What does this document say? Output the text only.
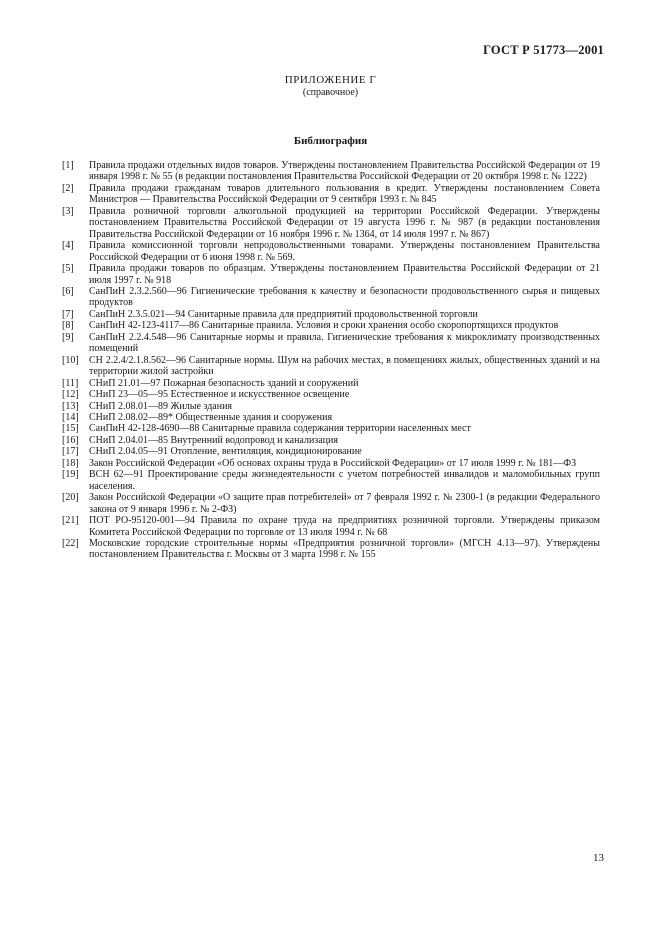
ГОСТ Р 51773—2001
ПРИЛОЖЕНИЕ Г
(справочное)
Библиография
[1]	Правила продажи отдельных видов товаров. Утверждены постановлением Правительства Российской Федерации от 19 января 1998 г. № 55 (в редакции постановления Правительства Российской Федерации от 20 октября 1998 г. № 1222)
[2]	Правила продажи гражданам товаров длительного пользования в кредит. Утверждены постановлением Совета Министров — Правительства Российской Федерации от 9 сентября 1993 г. № 845
[3]	Правила розничной торговли алкогольной продукцией на территории Российской Федерации. Утверждены постановлением Правительства Российской Федерации от 19 августа 1996 г. № 987 (в редакции постановления Правительства Российской Федерации от 16 ноября 1996 г. № 1364, от 14 июля 1997 г. № 867)
[4]	Правила комиссионной торговли непродовольственными товарами. Утверждены постановлением Правительства Российской Федерации от 6 июня 1998 г. № 569.
[5]	Правила продажи товаров по образцам. Утверждены постановлением Правительства Российской Федерации от 21 июля 1997 г. № 918
[6]	СанПиН 2.3.2.560—96 Гигиенические требования к качеству и безопасности продовольственного сырья и пищевых продуктов
[7]	СанПиН 2.3.5.021—94 Санитарные правила для предприятий продовольственной торговли
[8]	СанПиН 42-123-4117—86 Санитарные правила. Условия и сроки хранения особо скоропортящихся продуктов
[9]	СанПиН 2.2.4.548—96 Санитарные нормы и правила. Гигиенические требования к микроклимату производственных помещений
[10]	СН 2.2.4/2.1.8.562—96 Санитарные нормы. Шум на рабочих местах, в помещениях жилых, общественных зданий и на территории жилой застройки
[11]	СНиП 21.01—97 Пожарная безопасность зданий и сооружений
[12]	СНиП 23—05—95 Естественное и искусственное освещение
[13]	СНиП 2.08.01—89 Жилые здания
[14]	СНиП 2.08.02—89* Общественные здания и сооружения
[15]	СанПиН 42-128-4690—88 Санитарные правила содержания территории населенных мест
[16]	СНиП 2.04.01—85 Внутренний водопровод и канализация
[17]	СНиП 2.04.05—91 Отопление, вентиляция, кондиционирование
[18]	Закон Российской Федерации «Об основах охраны труда в Российской Федерации» от 17 июля 1999 г. № 181—ФЗ
[19]	ВСН 62—91 Проектирование среды жизнедеятельности с учетом потребностей инвалидов и маломобильных групп населения.
[20]	Закон Российской Федерации «О защите прав потребителей» от 7 февраля 1992 г. № 2300-1 (в редакции Федерального закона от 9 января 1996 г. № 2-ФЗ)
[21]	ПОТ РО-95120-001—94 Правила по охране труда на предприятиях розничной торговли. Утверждены приказом Комитета Российской Федерации по торговле от 13 июля 1994 г. № 68
[22]	Московские городские строительные нормы «Предприятия розничной торговли» (МГСН 4.13—97). Утверждены постановлением Правительства г. Москвы от 3 марта 1998 г. № 155
13
